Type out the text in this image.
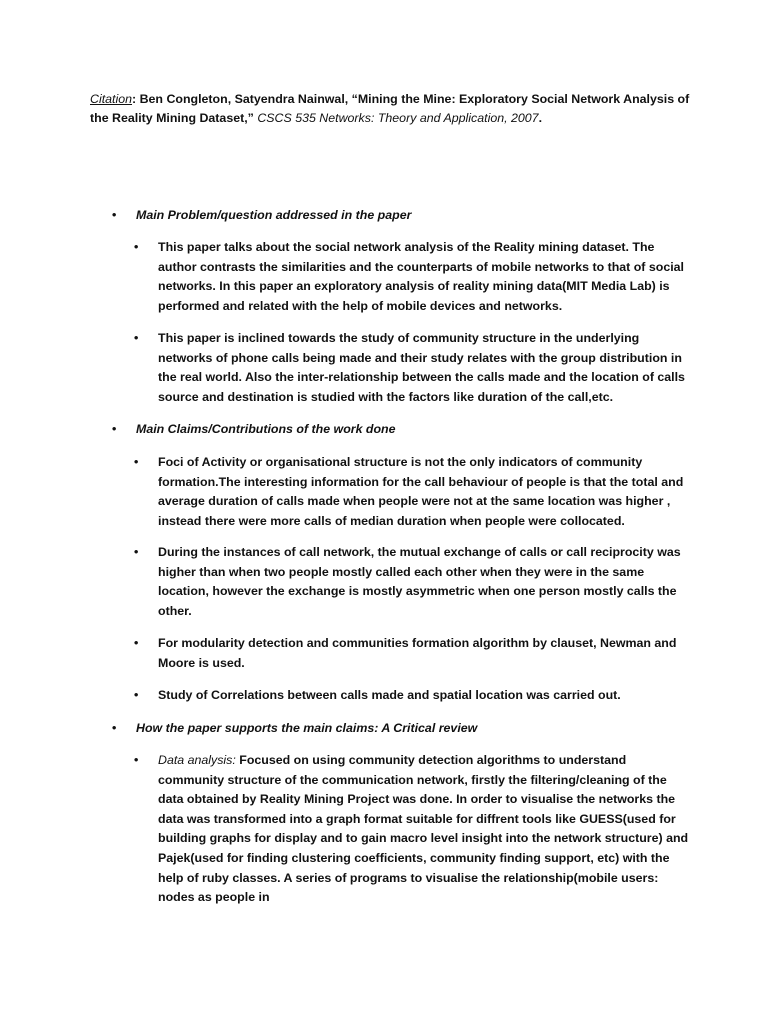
Citation: Ben Congleton, Satyendra Nainwal, “Mining the Mine: Exploratory Social Network Analysis of the Reality Mining Dataset,” CSCS 535 Networks: Theory and Application, 2007.
• Main Problem/question addressed in the paper
• This paper talks about the social network analysis of the Reality mining dataset. The author contrasts the similarities and the counterparts of mobile networks to that of social networks. In this paper an exploratory analysis of reality mining data(MIT Media Lab) is performed and related with the help of mobile devices and networks.
• This paper is inclined towards the study of community structure in the underlying networks of phone calls being made and their study relates with the group distribution in the real world. Also the inter-relationship between the calls made and the location of calls source and destination is studied with the factors like duration of the call,etc.
• Main Claims/Contributions of the work done
• Foci of Activity or organisational structure is not the only indicators of community formation.The interesting information for the call behaviour of people is that the total and average duration of calls made when people were not at the same location was higher , instead there were more calls of median duration when people were collocated.
• During the instances of call network, the mutual exchange of calls or call reciprocity was higher than when two people mostly called each other when they were in the same location, however the exchange is mostly asymmetric when one person mostly calls the other.
• For modularity detection and communities formation algorithm by clauset, Newman and Moore is used.
• Study of Correlations between calls made and spatial location was carried out.
• How the paper supports the main claims: A Critical review
• Data analysis: Focused on using community detection algorithms to understand community structure of the communication network, firstly the filtering/cleaning of the data obtained by Reality Mining Project was done. In order to visualise the networks the data was transformed into a graph format suitable for diffrent tools like GUESS(used for building graphs for display and to gain macro level insight into the network structure) and Pajek(used for finding clustering coefficients, community finding support, etc) with the help of ruby classes. A series of programs to visualise the relationship(mobile users: nodes as people in
